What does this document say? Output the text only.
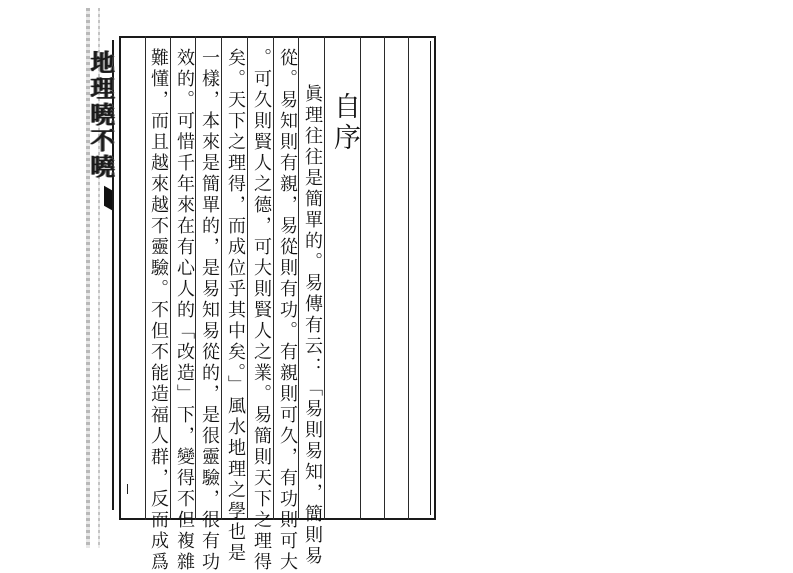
地理曉不曉	自序
眞理往往是簡單的。易傳有云：「易則易知，簡則易
從。易知則有親，易從則有功。有親則可久，有功則可大
。可久則賢人之德，可大則賢人之業。易簡則天下之理得
矣。天下之理得，而成位乎其中矣。」風水地理之學也是
一樣，本來是簡單的，是易知易從的，是很靈驗，很有功
效的。可惜千年來在有心人的「改造」下，變得不但複雜
難懂，而且越來越不靈驗。不但不能造福人群，反而成爲
